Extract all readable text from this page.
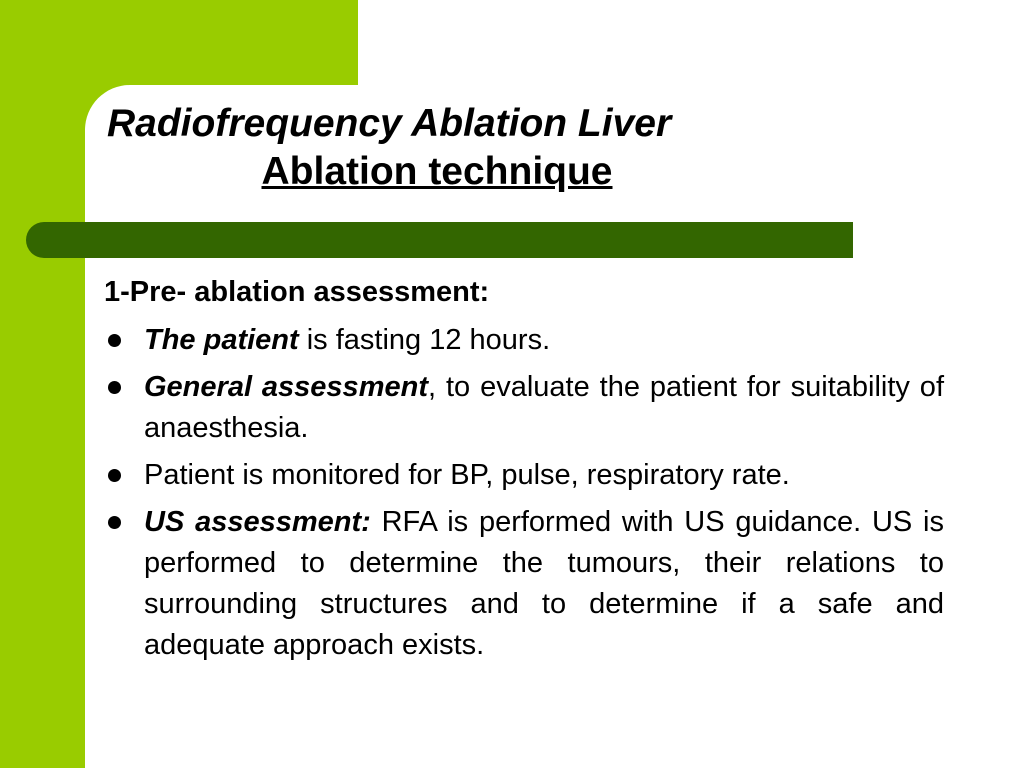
Radiofrequency Ablation Liver
Ablation technique
1-Pre- ablation assessment:
The patient is fasting 12 hours.
General assessment, to evaluate the patient for suitability of anaesthesia.
Patient is monitored for BP, pulse, respiratory rate.
US assessment: RFA is performed with US guidance. US is performed to determine the tumours, their relations to surrounding structures and to determine if a safe and adequate approach exists.
